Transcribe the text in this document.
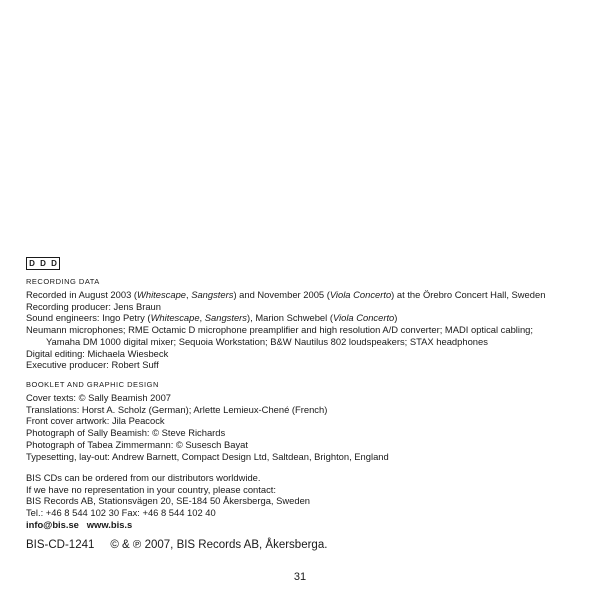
D D D
RECORDING DATA
Recorded in August 2003 (Whitescape, Sangsters) and November 2005 (Viola Concerto) at the Örebro Concert Hall, Sweden
Recording producer: Jens Braun
Sound engineers: Ingo Petry (Whitescape, Sangsters), Marion Schwebel (Viola Concerto)
Neumann microphones; RME Octamic D microphone preamplifier and high resolution A/D converter; MADI optical cabling;
Yamaha DM 1000 digital mixer; Sequoia Workstation; B&W Nautilus 802 loudspeakers; STAX headphones
Digital editing: Michaela Wiesbeck
Executive producer: Robert Suff
BOOKLET AND GRAPHIC DESIGN
Cover texts: © Sally Beamish 2007
Translations: Horst A. Scholz (German); Arlette Lemieux-Chené (French)
Front cover artwork: Jila Peacock
Photograph of Sally Beamish: © Steve Richards
Photograph of Tabea Zimmermann: © Susesch Bayat
Typesetting, lay-out: Andrew Barnett, Compact Design Ltd, Saltdean, Brighton, England
BIS CDs can be ordered from our distributors worldwide.
If we have no representation in your country, please contact:
BIS Records AB, Stationsvägen 20, SE-184 50 Åkersberga, Sweden
Tel.: +46 8 544 102 30 Fax: +46 8 544 102 40
info@bis.se www.bis.s
BIS-CD-1241 © & ℗ 2007, BIS Records AB, Åkersberga.
31
